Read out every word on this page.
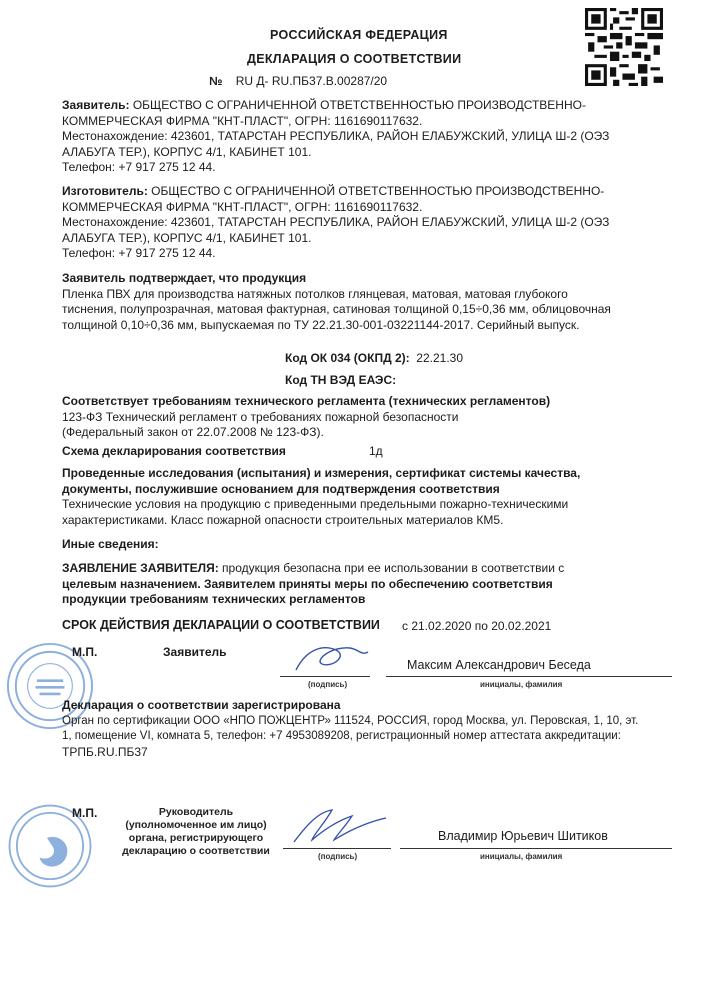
РОССИЙСКАЯ ФЕДЕРАЦИЯ
ДЕКЛАРАЦИЯ О СООТВЕТСТВИИ
№ RU Д- RU.ПБ37.В.00287/20
Заявитель: ОБЩЕСТВО С ОГРАНИЧЕННОЙ ОТВЕТСТВЕННОСТЬЮ ПРОИЗВОДСТВЕННО-
КОММЕРЧЕСКАЯ ФИРМА "КНТ-ПЛАСТ", ОГРН: 1161690117632.
Местонахождение: 423601, ТАТАРСТАН РЕСПУБЛИКА, РАЙОН ЕЛАБУЖСКИЙ, УЛИЦА Ш-2 (ОЭЗ
АЛАБУГА ТЕР.), КОРПУС 4/1, КАБИНЕТ 101.
Телефон: +7 917 275 12 44.
Изготовитель: ОБЩЕСТВО С ОГРАНИЧЕННОЙ ОТВЕТСТВЕННОСТЬЮ ПРОИЗВОДСТВЕННО-
КОММЕРЧЕСКАЯ ФИРМА "КНТ-ПЛАСТ", ОГРН: 1161690117632.
Местонахождение: 423601, ТАТАРСТАН РЕСПУБЛИКА, РАЙОН ЕЛАБУЖСКИЙ, УЛИЦА Ш-2 (ОЭЗ
АЛАБУГА ТЕР.), КОРПУС 4/1, КАБИНЕТ 101.
Телефон: +7 917 275 12 44.
Заявитель подтверждает, что продукция
Пленка ПВХ для производства натяжных потолков глянцевая, матовая, матовая глубокого
тиснения, полупрозрачная, матовая фактурная, сатиновая толщиной 0,15÷0,36 мм, облицовочная
толщиной 0,10÷0,36 мм, выпускаемая по ТУ 22.21.30-001-03221144-2017. Серийный выпуск.
Код ОК 034 (ОКПД 2): 22.21.30
Код ТН ВЭД ЕАЭС:
Соответствует требованиям технического регламента (технических регламентов)
123-ФЗ Технический регламент о требованиях пожарной безопасности
(Федеральный закон от 22.07.2008 № 123-ФЗ).
Схема декларирования соответствия	1д
Проведенные исследования (испытания) и измерения, сертификат системы качества,
документы, послужившие основанием для подтверждения соответствия
Технические условия на продукцию с приведенными предельными пожарно-техническими
характеристиками. Класс пожарной опасности строительных материалов КМ5.
Иные сведения:
ЗАЯВЛЕНИЕ ЗАЯВИТЕЛЯ: продукция безопасна при ее использовании в соответствии с
целевым назначением. Заявителем приняты меры по обеспечению соответствия
продукции требованиям технических регламентов
СРОК ДЕЙСТВИЯ ДЕКЛАРАЦИИ О СООТВЕТСТВИИ с 21.02.2020 по 20.02.2021
М.П.	Заявитель
Максим Александрович Беседа
(подпись)	инициалы, фамилия
Декларация о соответствии зарегистрирована
Орган по сертификации ООО «НПО ПОЖЦЕНТР» 111524, РОССИЯ, город Москва, ул. Перовская, 1, 10, эт.
1, помещение VI, комната 5, телефон: +7 4953089208, регистрационный номер аттестата аккредитации:
ТРПБ.RU.ПБ37
М.П.	Руководитель
(уполномоченное им лицо)
органа, регистрирующего
декларацию о соответствии
Владимир Юрьевич Шитиков
(подпись)	инициалы, фамилия
